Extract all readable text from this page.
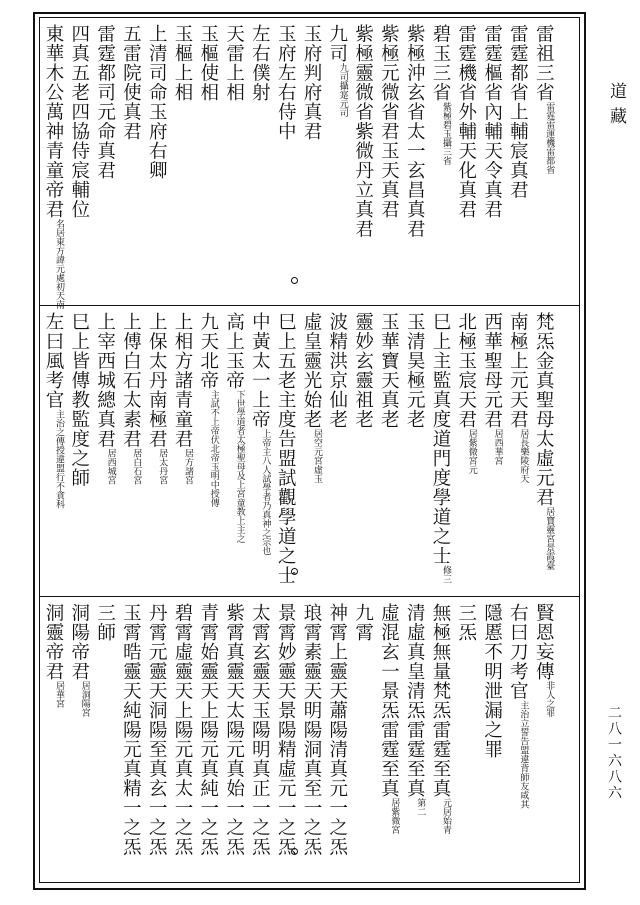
道藏
二八一六八六
雷祖三省$^{雷霆雷運機雷都省}$
雷霆都省上輔宸真君
雷霆樞省內輔天令真君
雷霆機省外輔天化真君
碧玉三省$^{紫極碧玉攝三省}$
紫極沖玄省太一玄昌真君
紫極元微省君玉天真君
紫極靈微省紫微丹立真君
九司$^{九司攝寔元司}$
玉府判府真君
玉府左右侍中
左右僕射
天雷上相
玉樞使相
玉樞上相
上清司命玉府右卿
五雷院使真君
雷霆都司元命真君
四真五老四協侍宸輔位
東華木公萬神青童帝君$^{名居東方諱元處初天南}$
梵炁金真聖母太虛元君$^{居寶靈宮景霞臺}$
南極上元天君$^{居長樂陵府天}$
西華聖母元君$^{居西華宮}$
北極玉宸天君$^{居紫微宮元}$
巳上主監真度道門度學道之士$^{修三}$
玉清昊極元老
玉華寶天真老
靈妙玄靈祖老
波精洪京仙老
虛皇靈光始老$^{居空元宮虛玉}$
巳上五老主度告盟試觀學道之士
中黃太一上帝$^{上帝主八人試學者乃真神之宗也}$
高上玉帝$^{下世學道者太極聖母及上宮童教上主之}$
九天北帝$^{主試不上帝伏北帝玉明中授傳}$
上相方諸青童君$^{居方諸宮}$
上保太丹南極君$^{居太丹宮}$
上傅白石太素君$^{居白石宮}$
上宰西城總真君$^{居西城宮}$
巳上皆傳教監度之師
左曰風考官$^{主治之傳授違盟行不貪科}$
賢恩妄傳$^{非人之罪}$
右曰刀考官$^{主治立誓告盟違背師友咸其}$
隱慝不明泄漏之罪
三炁
無極無量梵炁雷霆至真$^{元居始青}$
清虛真皇清炁雷霆至真$^{第二}$
虛混玄一景炁雷霆至真$^{居紫微宮}$
九霄
神霄上靈天蕭陽清真元一之炁
琅霄素靈天明陽洞真至一之炁
景霄妙靈天景陽精虛元一之炁
太霄玄靈天玉陽明真正一之炁
紫霄真靈天太陽元真始一之炁
青霄始靈天上陽元真純一之炁
碧霄虛靈天上陽元真太一之炁
丹霄元靈天洞陽至真玄一之炁
玉霄晧靈天純陽元真精一之炁
三師
洞陽帝君$^{居洞陽宮}$
洞靈帝君$^{居華宮}$
